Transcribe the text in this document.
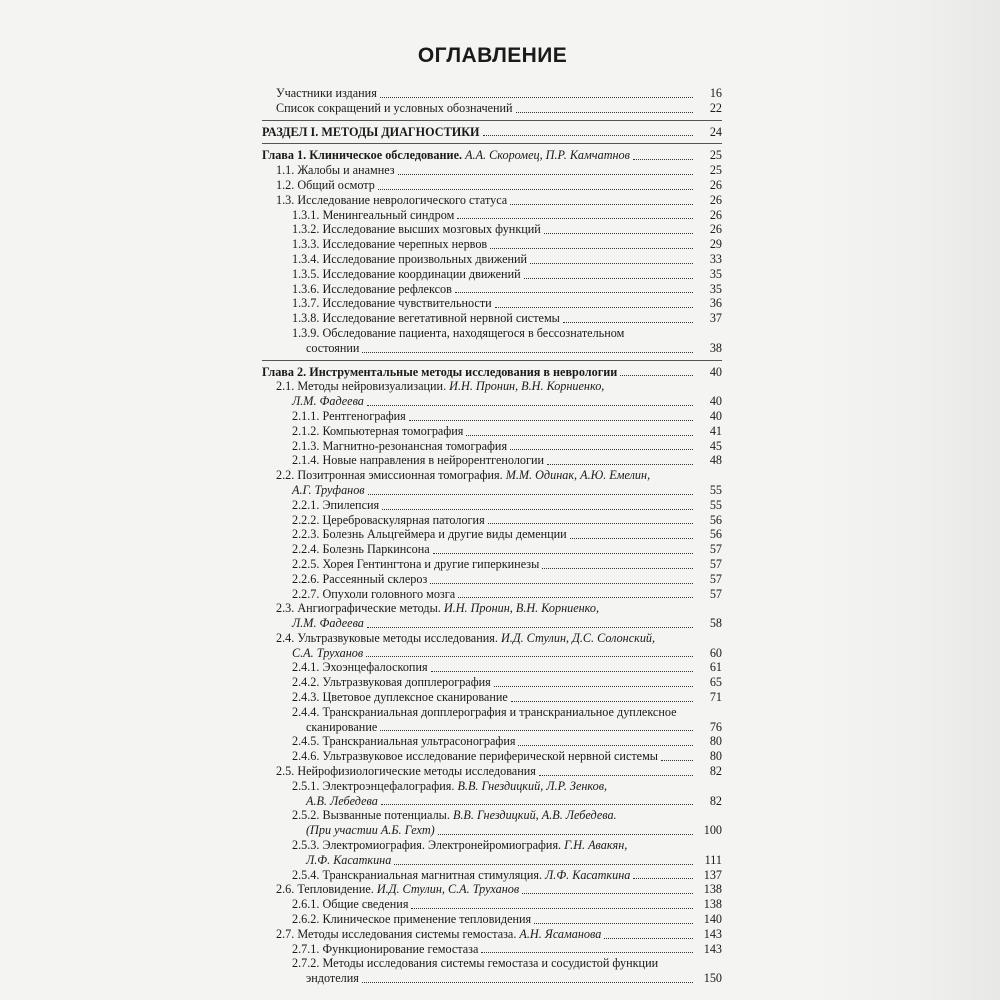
ОГЛАВЛЕНИЕ
Участники издания	16
Список сокращений и условных обозначений	22
РАЗДЕЛ I. МЕТОДЫ ДИАГНОСТИКИ	24
Глава 1. Клиническое обследование. А.А. Скоромец, П.Р. Камчатнов	25
1.1. Жалобы и анамнез	25
1.2. Общий осмотр	26
1.3. Исследование неврологического статуса	26
1.3.1. Менингеальный синдром	26
1.3.2. Исследование высших мозговых функций	26
1.3.3. Исследование черепных нервов	29
1.3.4. Исследование произвольных движений	33
1.3.5. Исследование координации движений	35
1.3.6. Исследование рефлексов	35
1.3.7. Исследование чувствительности	36
1.3.8. Исследование вегетативной нервной системы	37
1.3.9. Обследование пациента, находящегося в бессознательном
состоянии	38
Глава 2. Инструментальные методы исследования в неврологии	40
2.1. Методы нейровизуализации. И.Н. Пронин, В.Н. Корниенко,
Л.М. Фадеева	40
2.1.1. Рентгенография	40
2.1.2. Компьютерная томография	41
2.1.3. Магнитно-резонансная томография	45
2.1.4. Новые направления в нейрорентгенологии	48
2.2. Позитронная эмиссионная томография. М.М. Одинак, А.Ю. Емелин,
А.Г. Труфанов	55
2.2.1. Эпилепсия	55
2.2.2. Цереброваскулярная патология	56
2.2.3. Болезнь Альцгеймера и другие виды деменции	56
2.2.4. Болезнь Паркинсона	57
2.2.5. Хорея Гентингтона и другие гиперкинезы	57
2.2.6. Рассеянный склероз	57
2.2.7. Опухоли головного мозга	57
2.3. Ангиографические методы. И.Н. Пронин, В.Н. Корниенко,
Л.М. Фадеева	58
2.4. Ультразвуковые методы исследования. И.Д. Стулин, Д.С. Солонский,
С.А. Труханов	60
2.4.1. Эхоэнцефалоскопия	61
2.4.2. Ультразвуковая допплерография	65
2.4.3. Цветовое дуплексное сканирование	71
2.4.4. Транскраниальная допплерография и транскраниальное дуплексное
сканирование	76
2.4.5. Транскраниальная ультрасонография	80
2.4.6. Ультразвуковое исследование периферической нервной системы	80
2.5. Нейрофизиологические методы исследования	82
2.5.1. Электроэнцефалография. В.В. Гнездицкий, Л.Р. Зенков,
А.В. Лебедева	82
2.5.2. Вызванные потенциалы. В.В. Гнездицкий, А.В. Лебедева.
(При участии А.Б. Гехт)	100
2.5.3. Электромиография. Электронейромиография. Г.Н. Авакян,
Л.Ф. Касаткина	111
2.5.4. Транскраниальная магнитная стимуляция. Л.Ф. Касаткина	137
2.6. Тепловидение. И.Д. Стулин, С.А. Труханов	138
2.6.1. Общие сведения	138
2.6.2. Клиническое применение тепловидения	140
2.7. Методы исследования системы гемостаза. А.Н. Ясаманова	143
2.7.1. Функционирование гемостаза	143
2.7.2. Методы исследования системы гемостаза и сосудистой функции
эндотелия	150
